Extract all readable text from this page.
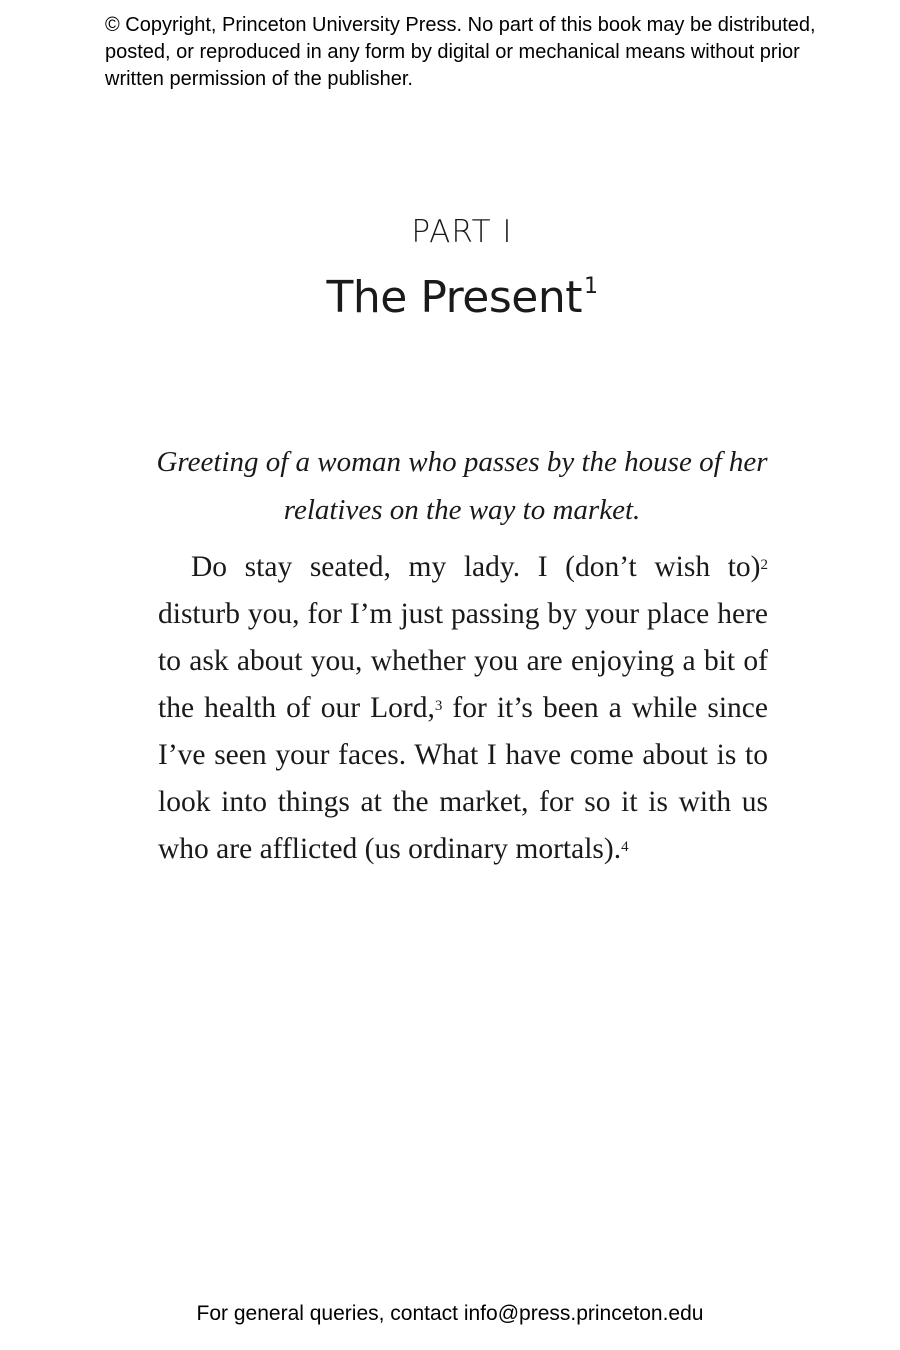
© Copyright, Princeton University Press. No part of this book may be distributed, posted, or reproduced in any form by digital or mechanical means without prior written permission of the publisher.
PART I
The Present$^1$
Greeting of a woman who passes by the house of her relatives on the way to market.

Do stay seated, my lady. I (don’t wish to)$^2$ disturb you, for I’m just passing by your place here to ask about you, whether you are enjoying a bit of the health of our Lord,$^3$ for it’s been a while since I’ve seen your faces. What I have come about is to look into things at the market, for so it is with us who are afflicted (us ordinary mortals).$^4$

For general queries, contact info@press.princeton.edu
